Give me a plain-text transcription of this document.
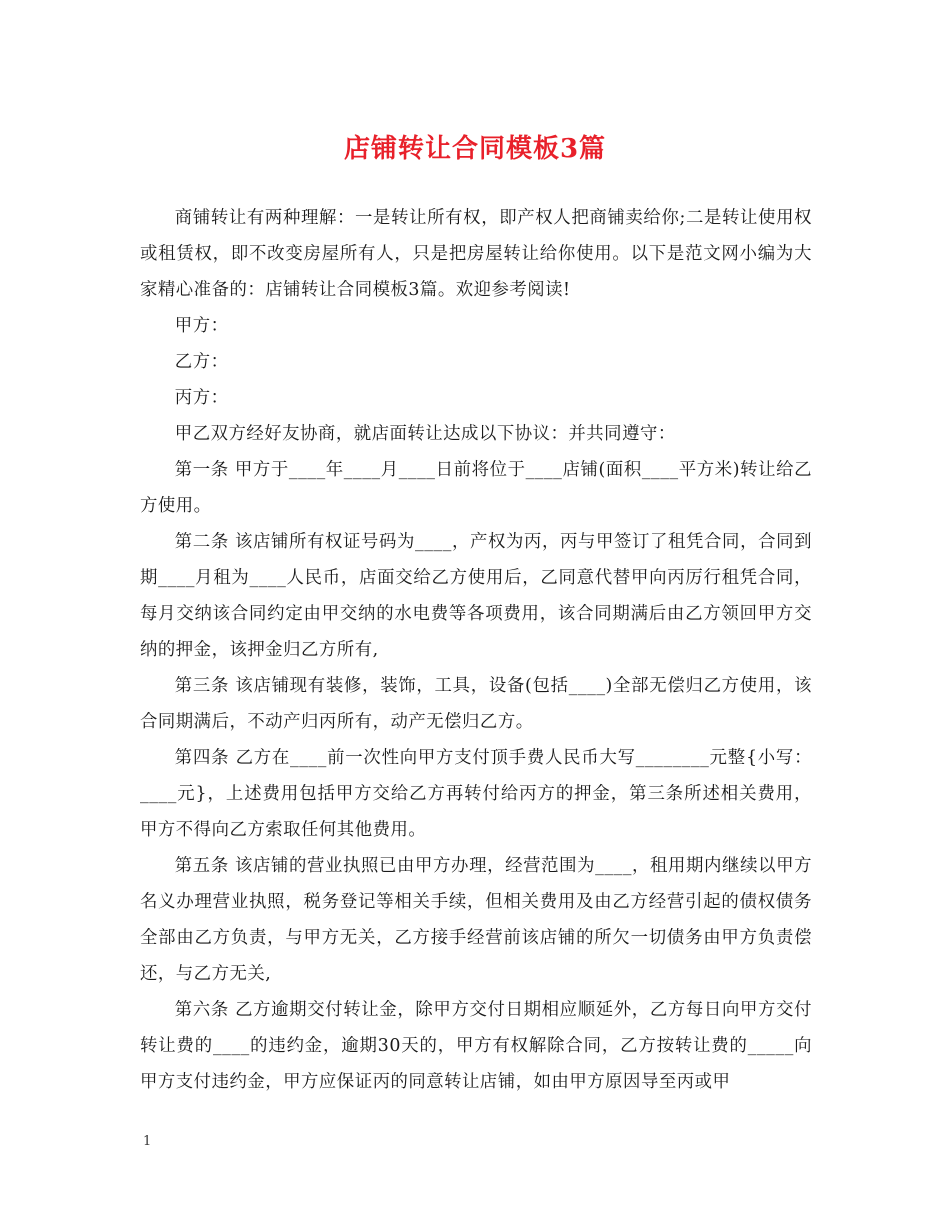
店铺转让合同模板3篇

商铺转让有两种理解：一是转让所有权，即产权人把商铺卖给你;二是转让使用权或租赁权，即不改变房屋所有人，只是把房屋转让给你使用。以下是范文网小编为大家精心准备的：店铺转让合同模板3篇。欢迎参考阅读!

甲方：

乙方：

丙方：

甲乙双方经好友协商，就店面转让达成以下协议：并共同遵守：

第一条 甲方于____年____月____日前将位于____店铺(面积____平方米)转让给乙方使用。

第二条 该店铺所有权证号码为____，产权为丙，丙与甲签订了租凭合同，合同到期____月租为____人民币，店面交给乙方使用后，乙同意代替甲向丙厉行租凭合同，每月交纳该合同约定由甲交纳的水电费等各项费用，该合同期满后由乙方领回甲方交纳的押金，该押金归乙方所有,

第三条 该店铺现有装修，装饰，工具，设备(包括____)全部无偿归乙方使用，该合同期满后，不动产归丙所有，动产无偿归乙方。

第四条 乙方在____前一次性向甲方支付顶手费人民币大写________元整{小写：____元}，上述费用包括甲方交给乙方再转付给丙方的押金，第三条所述相关费用，甲方不得向乙方索取任何其他费用。

第五条 该店铺的营业执照已由甲方办理，经营范围为____，租用期内继续以甲方名义办理营业执照，税务登记等相关手续，但相关费用及由乙方经营引起的债权债务全部由乙方负责，与甲方无关，乙方接手经营前该店铺的所欠一切债务由甲方负责偿还，与乙方无关,

第六条 乙方逾期交付转让金，除甲方交付日期相应顺延外，乙方每日向甲方交付转让费的____的违约金，逾期30天的，甲方有权解除合同，乙方按转让费的_____向甲方支付违约金，甲方应保证丙的同意转让店铺，如由甲方原因导至丙或甲

1
